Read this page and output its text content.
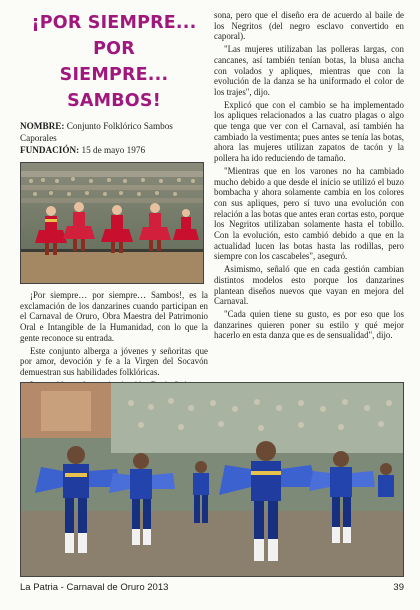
¡POR SIEMPRE... POR
SIEMPRE... SAMBOS!
NOMBRE: Conjunto Folklórico Sambos Caporales
FUNDACIÓN: 15 de mayo 1976

¡Por siempre… por siempre… Sambos!, es la exclamación de los danzarines cuando participan en el Carnaval de Oruro, Obra Maestra del Patrimonio Oral e Intangible de la Humanidad, con lo que la gente reconoce su entrada.

Este conjunto alberga a jóvenes y señoritas que por amor, devoción y fe a la Virgen del Socavón demuestran sus habilidades folklóricas.

sona, pero que el diseño era de acuerdo al baile de los Negritos (del negro esclavo convertido en caporal).

"Las mujeres utilizaban las polleras largas, con cancanes, así también tenían botas, la blusa ancha con volados y apliques, mientras que con la evolución de la danza se ha uniformado el color de los trajes", dijo.

Explicó que con el cambio se ha implementado los apliques relacionados a las cuatro plagas o algo que tenga que ver con el Carnaval, así también ha cambiado la vestimenta; pues antes se tenía las botas, ahora las mujeres utilizan zapatos de tacón y la pollera ha ido reduciendo de tamaño.

"Mientras que en los varones no ha cambiado mucho debido a que desde el inicio se utilizó el buzo bombacha y ahora solamente cambia en los colores con sus apliques, pero sí tuvo una evolución con relación a las botas que antes eran cortas esto, porque los Negritos utilizaban solamente hasta el tobillo. Con la evolución, esto cambió debido a que en la actualidad lucen las botas hasta las rodillas, pero siempre con los cascabeles", aseguró.

Asimismo, señaló que en cada gestión cambian distintos modelos esto porque los danzarines plantean diseños nuevos que vayan en mejora del Carnaval.

"Cada quien tiene su gusto, es por eso que los danzarines quieren poner su estilo y qué mejor hacerlo en esta danza que es de sensualidad", dijo.

La Patria - Carnaval de Oruro 2013	39
